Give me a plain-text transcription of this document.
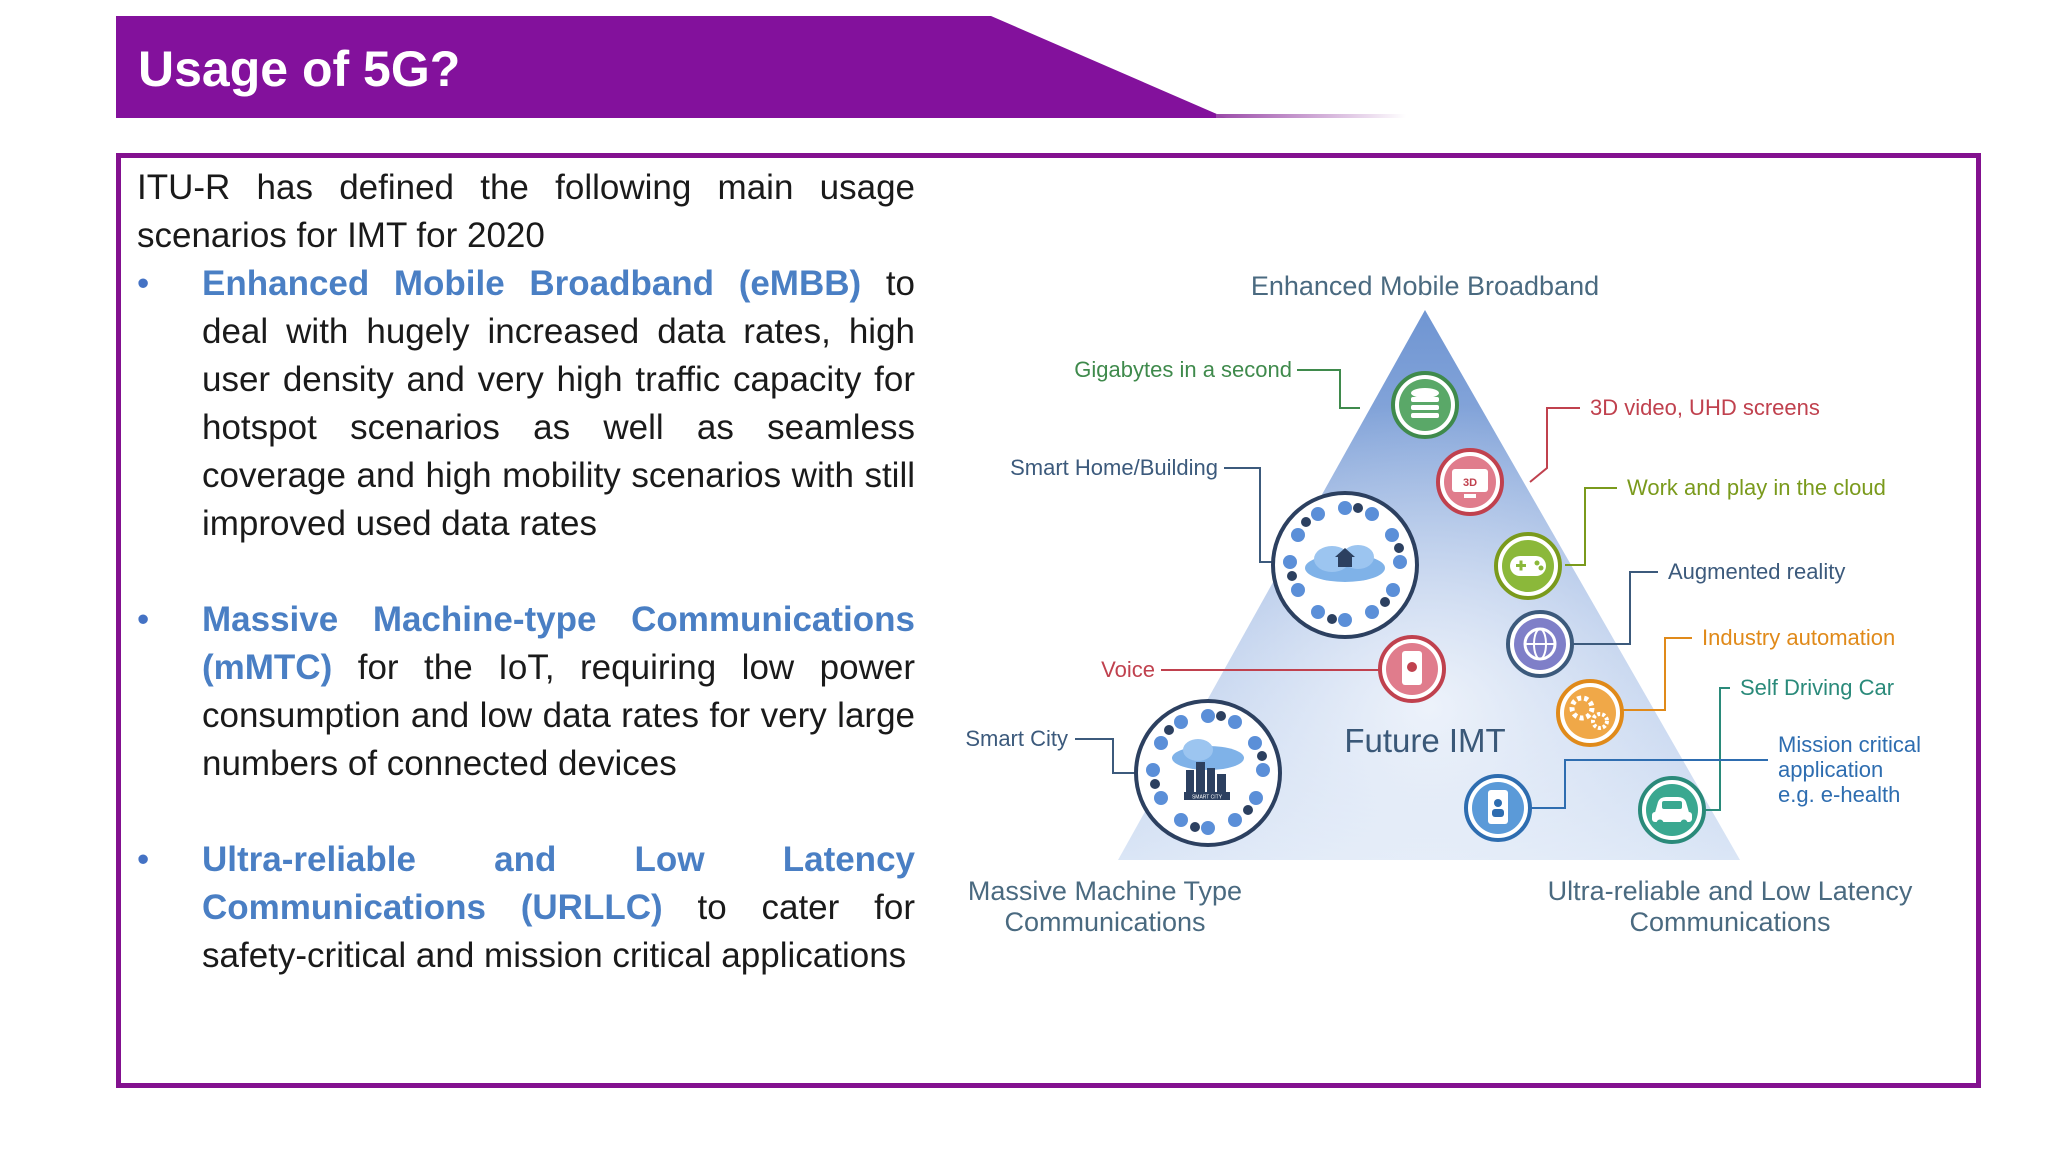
Usage of 5G?

ITU-R has defined the following main usage scenarios for IMT for 2020

• Enhanced Mobile Broadband (eMBB) to deal with hugely increased data rates, high user density and very high traffic capacity for hotspot scenarios as well as seamless coverage and high mobility scenarios with still improved used data rates
• Massive Machine-type Communications (mMTC) for the IoT, requiring low power consumption and low data rates for very large numbers of connected devices
• Ultra-reliable and Low Latency Communications (URLLC) to cater for safety-critical and mission critical applications
Enhanced Mobile Broadband
Future IMT
Massive Machine Type
Communications
Ultra-reliable and Low Latency
Communications
Gigabytes in a second
3D video, UHD screens
Smart Home/Building
Work and play in the cloud
Augmented reality
Industry automation
Voice
Self Driving Car
Smart City	Mission critical
application
e.g. e-health
3D
SMART CITY
